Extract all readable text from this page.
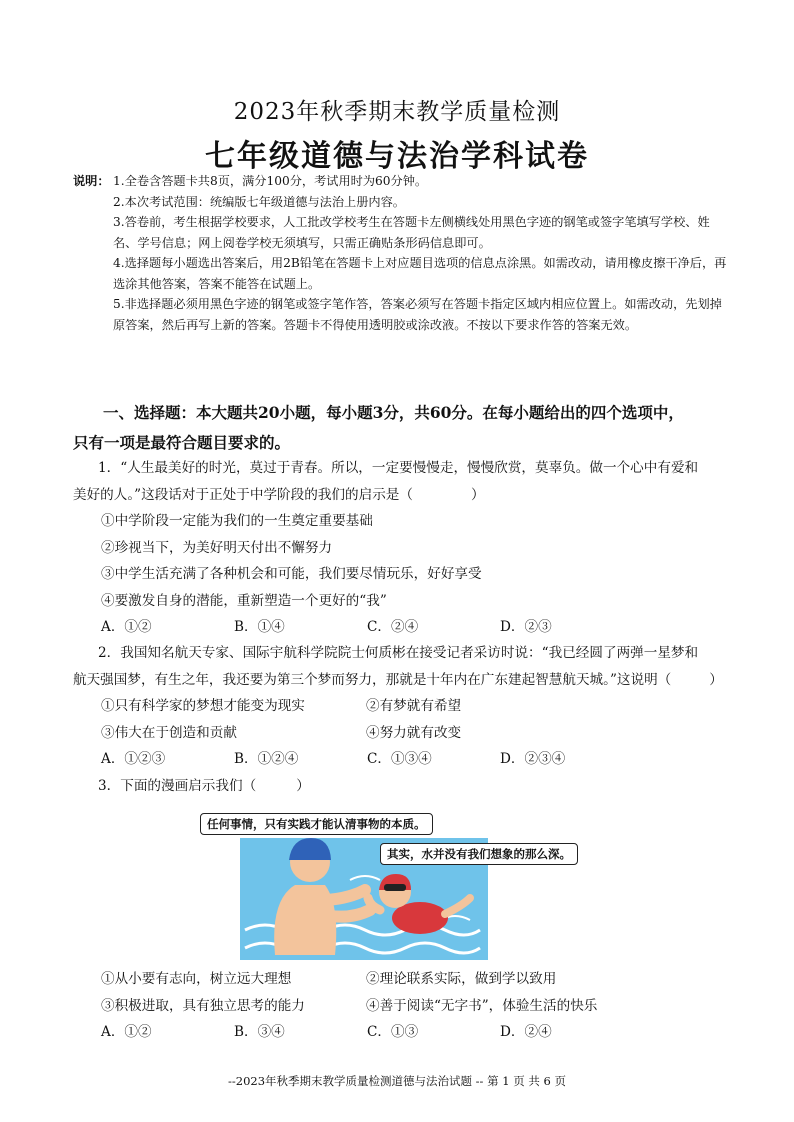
2023年秋季期末教学质量检测
七年级道德与法治学科试卷
说明： 1.全卷含答题卡共8页，满分100分，考试用时为60分钟。
2.本次考试范围：统编版七年级道德与法治上册内容。
3.答卷前，考生根据学校要求，人工批改学校考生在答题卡左侧横线处用黑色字迹的钢笔或签字笔填写学校、姓名、学号信息；网上阅卷学校无须填写，只需正确贴条形码信息即可。
4.选择题每小题选出答案后，用2B铅笔在答题卡上对应题目选项的信息点涂黑。如需改动，请用橡皮擦干净后，再选涂其他答案，答案不能答在试题上。
5.非选择题必须用黑色字迹的钢笔或签字笔作答，答案必须写在答题卡指定区域内相应位置上。如需改动，先划掉原答案，然后再写上新的答案。答题卡不得使用透明胶或涂改液。不按以下要求作答的答案无效。
一、选择题：本大题共20小题，每小题3分，共60分。在每小题给出的四个选项中，
只有一项是最符合题目要求的。
1．“人生最美好的时光，莫过于青春。所以，一定要慢慢走，慢慢欣赏，莫辜负。做一个心中有爱和
美好的人。”这段话对于正处于中学阶段的我们的启示是（	）
①中学阶段一定能为我们的一生奠定重要基础
②珍视当下，为美好明天付出不懈努力
③中学生活充满了各种机会和可能，我们要尽情玩乐，好好享受
④要激发自身的潜能，重新塑造一个更好的“我”
A．①②	B．①④	C．②④	D．②③
2．我国知名航天专家、国际宇航科学院院士何质彬在接受记者采访时说：“我已经圆了两弹一星梦和
航天强国梦，有生之年，我还要为第三个梦而努力，那就是十年内在广东建起智慧航天城。”这说明（	）
①只有科学家的梦想才能变为现实	②有梦就有希望
③伟大在于创造和贡献	④努力就有改变
A．①②③	B．①②④	C．①③④	D．②③④
3．下面的漫画启示我们（	）
任何事情，只有实践才能认清事物的本质。
其实，水并没有我们想象的那么深。
①从小要有志向，树立远大理想	②理论联系实际，做到学以致用
③积极进取，具有独立思考的能力	④善于阅读“无字书”，体验生活的快乐
A．①②	B．③④	C．①③	D．②④
--2023年秋季期末教学质量检测道德与法治试题 -- 第 1 页 共 6 页
